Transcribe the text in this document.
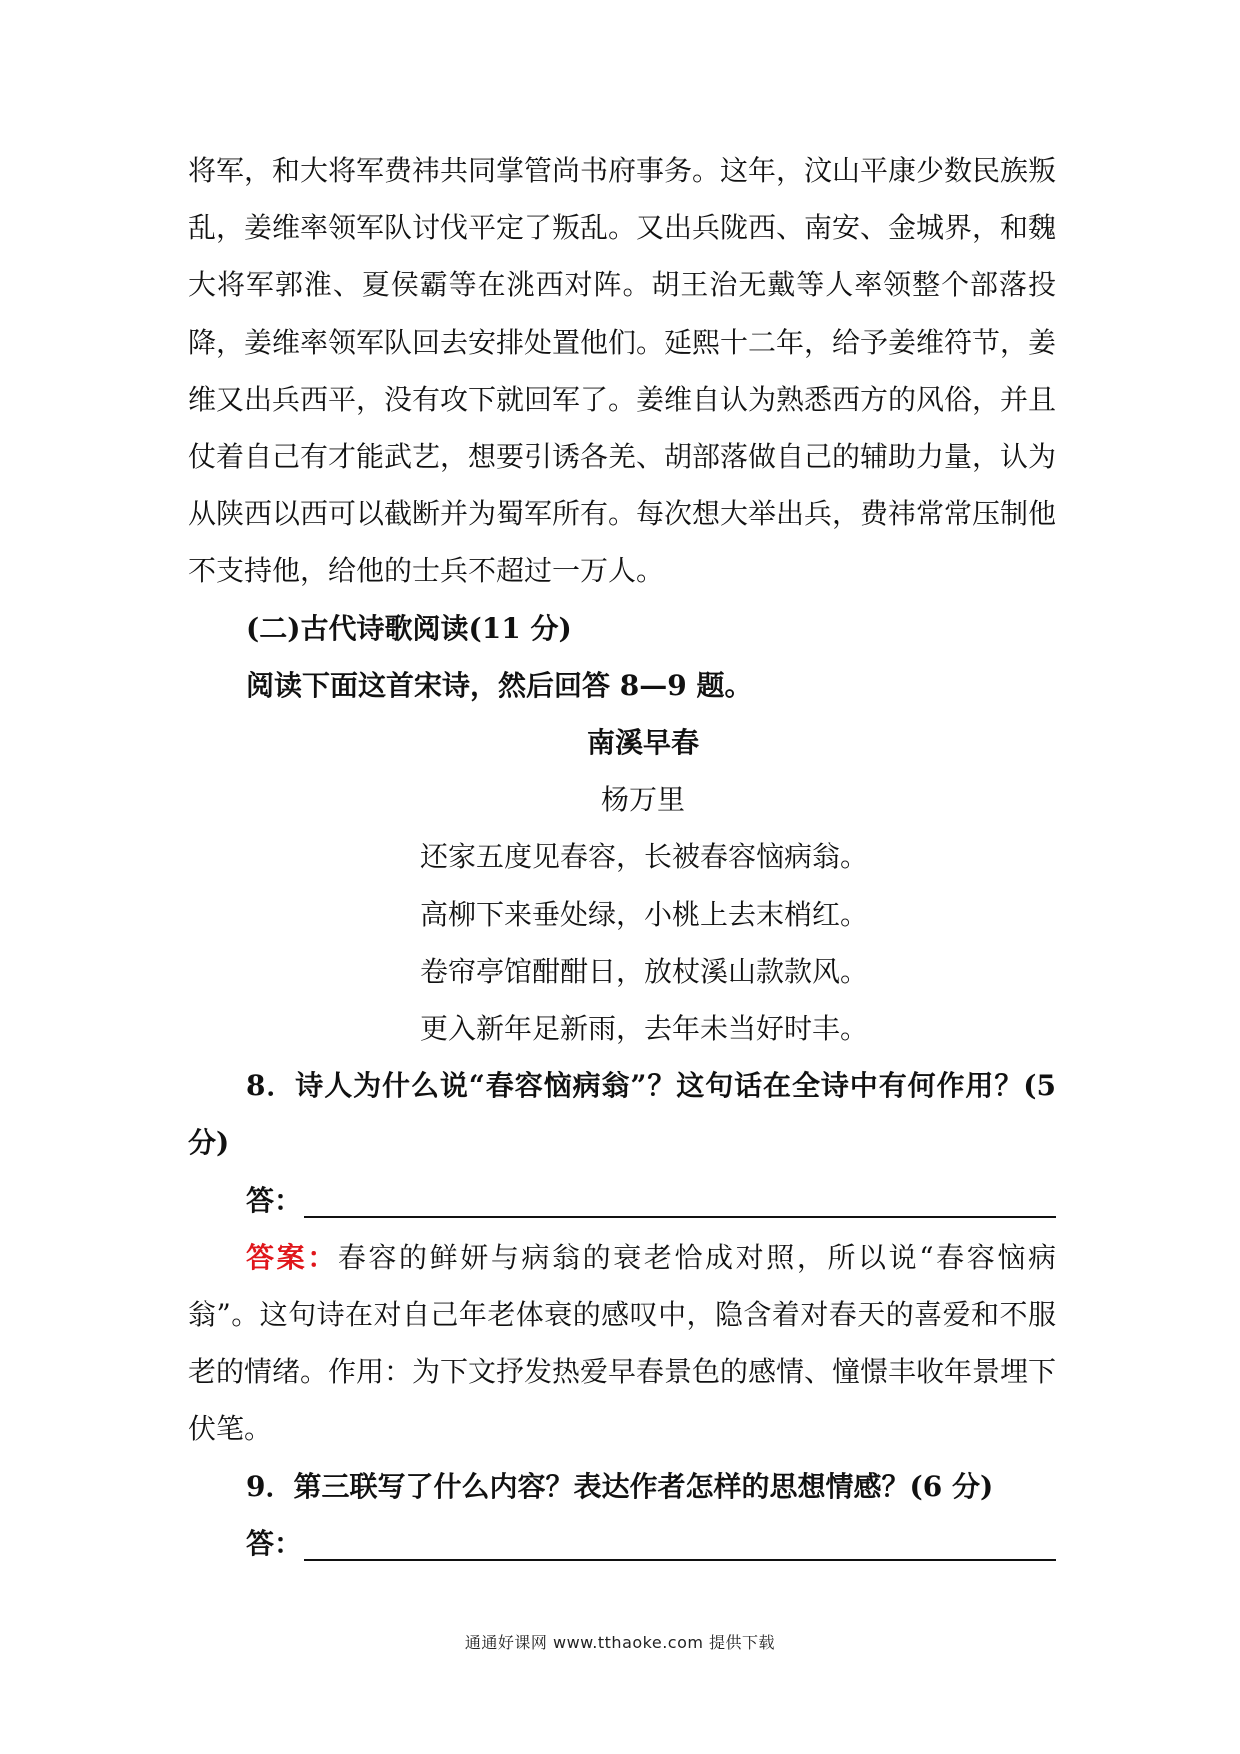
将军，和大将军费祎共同掌管尚书府事务。这年，汶山平康少数民族叛乱，姜维率领军队讨伐平定了叛乱。又出兵陇西、南安、金城界，和魏大将军郭淮、夏侯霸等在洮西对阵。胡王治无戴等人率领整个部落投降，姜维率领军队回去安排处置他们。延熙十二年，给予姜维符节，姜维又出兵西平，没有攻下就回军了。姜维自认为熟悉西方的风俗，并且仗着自己有才能武艺，想要引诱各羌、胡部落做自己的辅助力量，认为从陕西以西可以截断并为蜀军所有。每次想大举出兵，费祎常常压制他不支持他，给他的士兵不超过一万人。

(二)古代诗歌阅读(11 分)

阅读下面这首宋诗，然后回答 8—9 题。

南溪早春

杨万里

还家五度见春容，长被春容恼病翁。

高柳下来垂处绿，小桃上去末梢红。

卷帘亭馆酣酣日，放杖溪山款款风。

更入新年足新雨，去年未当好时丰。

8．诗人为什么说“春容恼病翁”？这句话在全诗中有何作用？(5 分)

答：

答案：春容的鲜妍与病翁的衰老恰成对照，所以说“春容恼病翁”。这句诗在对自己年老体衰的感叹中，隐含着对春天的喜爱和不服老的情绪。作用：为下文抒发热爱早春景色的感情、憧憬丰收年景埋下伏笔。

9．第三联写了什么内容？表达作者怎样的思想情感？(6 分)

答：
通通好课网 www.tthaoke.com 提供下载
